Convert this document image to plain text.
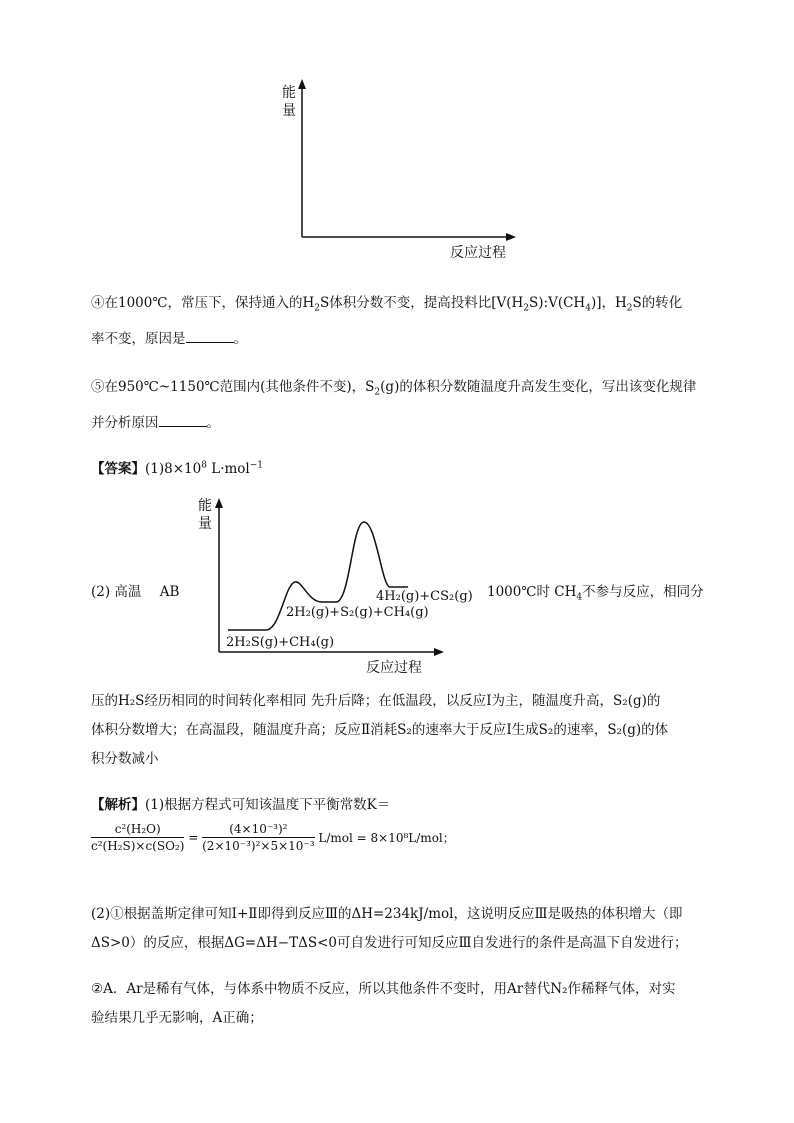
能
量
反应过程
④在1000℃，常压下，保持通入的$H_2S$体积分数不变，提高投料比$[V(H_2S):V(CH_4)]$，$H_2S$的转化
率不变，原因是	。
⑤在950℃~1150℃范围内(其他条件不变)，$S_2(g)$的体积分数随温度升高发生变化，写出该变化规律
并分析原因	。
【答案】$(1)8\times 10^8$ L·mol$^{-1}$
(2) 高温 AB
能
量
2H₂S(g)+CH₄(g)
2H₂(g)+S₂(g)+CH₄(g)
4H₂(g)+CS₂(g)
反应过程
1000℃时 $CH_4$不参与反应，相同分
压的H₂S经历相同的时间转化率相同 先升后降；在低温段，以反应Ⅰ为主，随温度升高，S₂(g)的
体积分数增大；在高温段，随温度升高；反应Ⅱ消耗S₂的速率大于反应Ⅰ生成S₂的速率，S₂(g)的体
积分数减小
【解析】(1)根据方程式可知该温度下平衡常数K＝
$\frac{\text{c²(H₂O)}}{\text{c²(H₂S)×c(SO₂)}} = \frac{\text{(4×10⁻³)²}}{\text{(2×10⁻³)²×5×10⁻³}} L/mol = 8\times 10^8L/mol$；
(2)①根据盖斯定律可知Ⅰ+Ⅱ即得到反应Ⅲ的ΔH=234kJ/mol，这说明反应Ⅲ是吸热的体积增大（即
ΔS>0）的反应，根据ΔG=ΔH−TΔS<0可自发进行可知反应Ⅲ自发进行的条件是高温下自发进行；
②A．Ar是稀有气体，与体系中物质不反应，所以其他条件不变时，用Ar替代N₂作稀释气体，对实
验结果几乎无影响，A正确；
